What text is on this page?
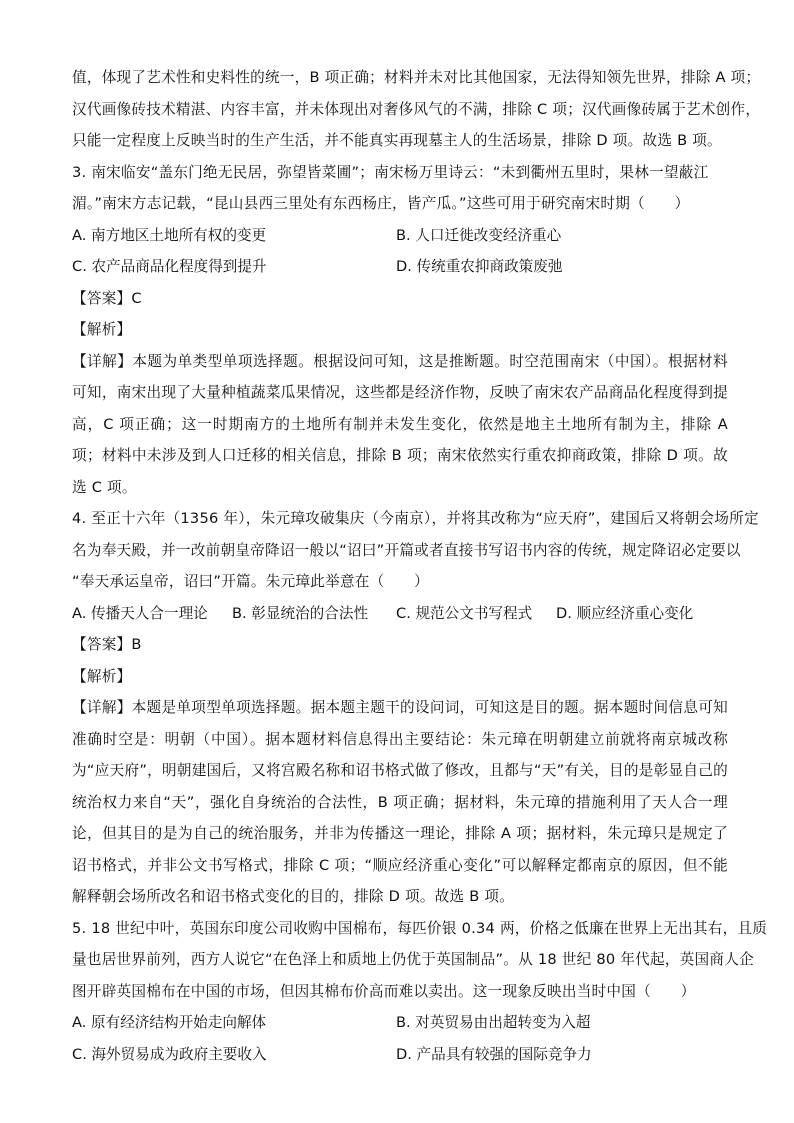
值，体现了艺术性和史料性的统一，B 项正确；材料并未对比其他国家，无法得知领先世界，排除 A 项；
汉代画像砖技术精湛、内容丰富，并未体现出对奢侈风气的不满，排除 C 项；汉代画像砖属于艺术创作，
只能一定程度上反映当时的生产生活，并不能真实再现墓主人的生活场景，排除 D 项。故选 B 项。
3. 南宋临安“盖东门绝无民居，弥望皆菜圃”；南宋杨万里诗云：“未到衢州五里时，果林一望蔽江
湄。”南宋方志记载，“昆山县西三里处有东西杨庄，皆产瓜。”这些可用于研究南宋时期（　　）
A. 南方地区土地所有权的变更	B. 人口迁徙改变经济重心
C. 农产品商品化程度得到提升	D. 传统重农抑商政策废弛
【答案】C
【解析】

【详解】本题为单类型单项选择题。根据设问可知，这是推断题。时空范围南宋（中国）。根据材料可知，南宋出现了大量种植蔬菜瓜果情况，这些都是经济作物，反映了南宋农产品商品化程度得到提高，C 项正确；这一时期南方的土地所有制并未发生变化，依然是地主土地所有制为主，排除 A 项；材料中未涉及到人口迁移的相关信息，排除 B 项；南宋依然实行重农抑商政策，排除 D 项。故选 C 项。

4. 至正十六年（1356 年），朱元璋攻破集庆（今南京），并将其改称为“应天府”，建国后又将朝会场所定
名为奉天殿，并一改前朝皇帝降诏一般以“诏曰”开篇或者直接书写诏书内容的传统，规定降诏必定要以
“奉天承运皇帝，诏曰”开篇。朱元璋此举意在（　　）
A. 传播天人合一理论	B. 彰显统治的合法性	C. 规范公文书写程式	D. 顺应经济重心变化
【答案】B
【解析】

【详解】本题是单项型单项选择题。据本题主题干的设问词，可知这是目的题。据本题时间信息可知准确时空是：明朝（中国）。据本题材料信息得出主要结论：朱元璋在明朝建立前就将南京城改称为“应天府”，明朝建国后，又将宫殿名称和诏书格式做了修改，且都与“天”有关，目的是彰显自己的统治权力来自“天”，强化自身统治的合法性，B 项正确；据材料，朱元璋的措施利用了天人合一理论，但其目的是为自己的统治服务，并非为传播这一理论，排除 A 项；据材料，朱元璋只是规定了诏书格式，并非公文书写格式，排除 C 项；“顺应经济重心变化”可以解释定都南京的原因，但不能解释朝会场所改名和诏书格式变化的目的，排除 D 项。故选 B 项。

5. 18 世纪中叶，英国东印度公司收购中国棉布，每匹价银 0.34 两，价格之低廉在世界上无出其右，且质
量也居世界前列，西方人说它“在色泽上和质地上仍优于英国制品”。从 18 世纪 80 年代起，英国商人企
图开辟英国棉布在中国的市场，但因其棉布价高而难以卖出。这一现象反映出当时中国（　　）
A. 原有经济结构开始走向解体	B. 对英贸易由出超转变为入超
C. 海外贸易成为政府主要收入	D. 产品具有较强的国际竞争力
